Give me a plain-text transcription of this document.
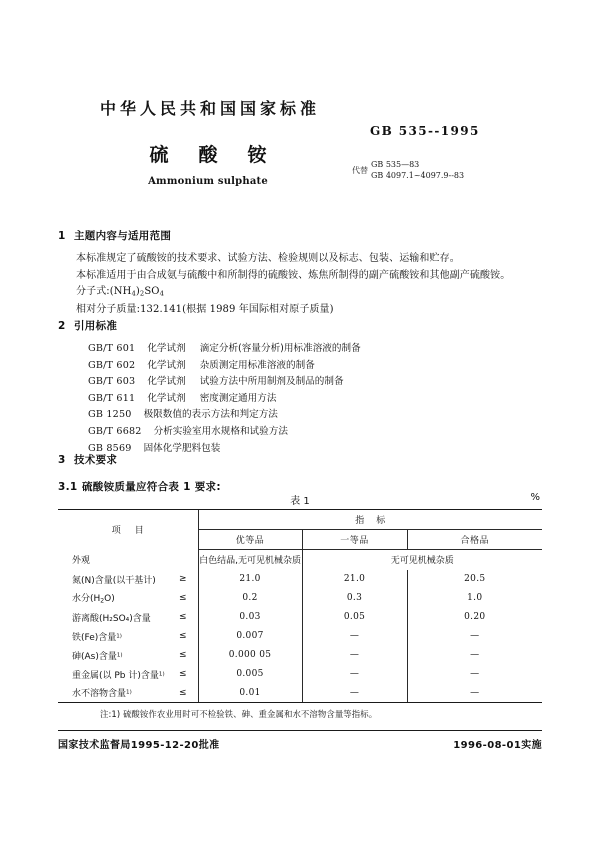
中华人民共和国国家标准
硫酸铵
Ammonium sulphate
GB 535--1995
代替
GB 535—83
GB 4097.1~4097.9--83
1 主题内容与适用范围
本标准规定了硫酸铵的技术要求、试验方法、检验规则以及标志、包装、运输和贮存。
本标准适用于由合成氨与硫酸中和所制得的硫酸铵、炼焦所制得的副产硫酸铵和其他副产硫酸铵。
分子式$:(NH_4)_2SO_4$
相对分子质量:132.141(根据 1989 年国际相对原子质量)
2 引用标准
GB/T 601 化学试剂 滴定分析(容量分析)用标准溶液的制备
GB/T 602 化学试剂 杂质测定用标准溶液的制备
GB/T 603 化学试剂 试验方法中所用制剂及制品的制备
GB/T 611 化学试剂 密度测定通用方法
GB 1250 极限数值的表示方法和判定方法
GB/T 6682 分析实验室用水规格和试验方法
GB 8569 固体化学肥料包装
3 技术要求
3.1 硫酸铵质量应符合表 1 要求:
表 1	%
项目		指标		
		优等品	一等品	合格品
外观		白色结晶,无可见机械杂质	无可见机械杂质	
氮(N)含量(以干基计)	≥	21.0	21.0	20.5
水分$(H_2O)$	≤	0.2	0.3	1.0
游离酸(H₂SO₄)含量	≤	0.03	0.05	0.20
铁(Fe)含量$^{1)}$	≤	0.007	—	—
砷(As)含量$^{1)}$	≤	0.000 05	—	—
重金属(以 Pb 计)含量$^{1)}$	≤	0.005	—	—
水不溶物含量$^{1)}$	≤	0.01	—	—
注:1) 硫酸铵作农业用时可不检验铁、砷、重金属和水不溶物含量等指标。
国家技术监督局1995-12-20批准	1996-08-01实施
